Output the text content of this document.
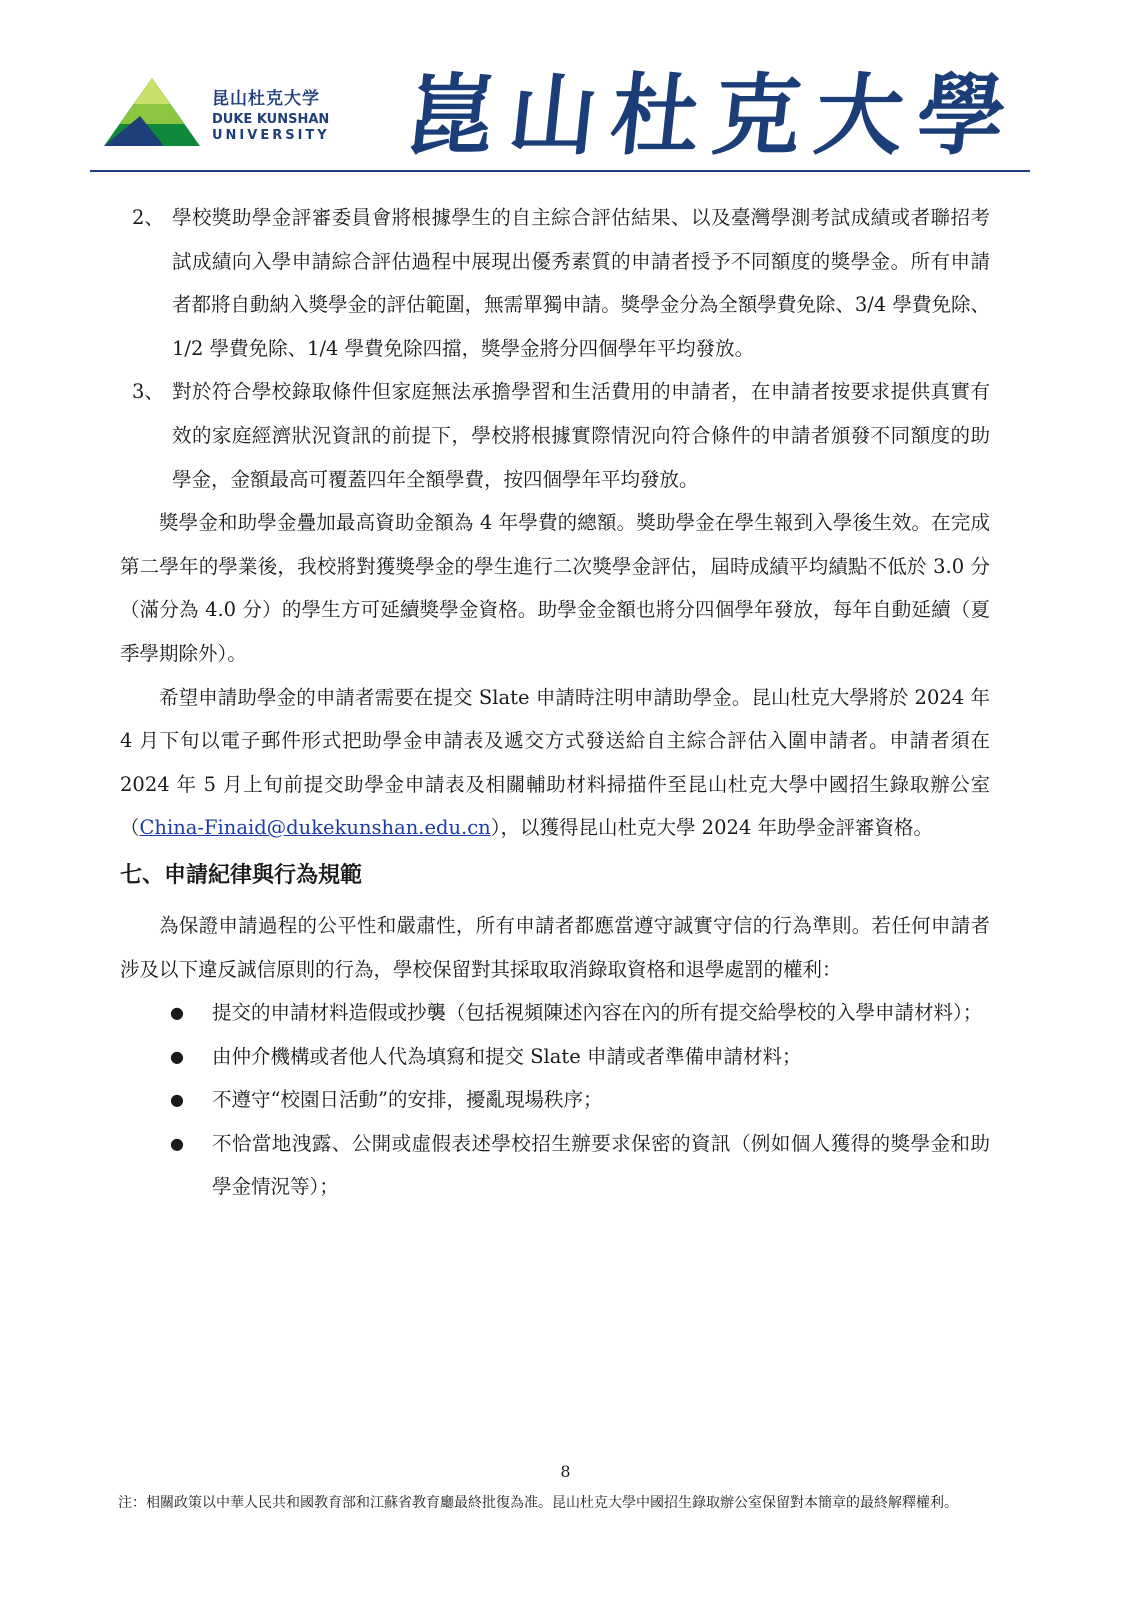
昆山杜克大学
DUKE KUNSHAN
UNIVERSITY 崑山杜克大學

2、 學校獎助學金評審委員會將根據學生的自主綜合評估結果、以及臺灣學測考試成績或者聯招考試成績向入學申請綜合評估過程中展現出優秀素質的申請者授予不同額度的獎學金。所有申請者都將自動納入獎學金的評估範圍，無需單獨申請。獎學金分為全額學費免除、3/4 學費免除、1/2 學費免除、1/4 學費免除四擋，獎學金將分四個學年平均發放。

3、 對於符合學校錄取條件但家庭無法承擔學習和生活費用的申請者，在申請者按要求提供真實有效的家庭經濟狀況資訊的前提下，學校將根據實際情況向符合條件的申請者頒發不同額度的助學金，金額最高可覆蓋四年全額學費，按四個學年平均發放。

獎學金和助學金疊加最高資助金額為 4 年學費的總額。獎助學金在學生報到入學後生效。在完成第二學年的學業後，我校將對獲獎學金的學生進行二次獎學金評估，屆時成績平均績點不低於 3.0 分（滿分為 4.0 分）的學生方可延續獎學金資格。助學金金額也將分四個學年發放，每年自動延續（夏季學期除外）。

希望申請助學金的申請者需要在提交 Slate 申請時注明申請助學金。昆山杜克大學將於 2024 年 4 月下旬以電子郵件形式把助學金申請表及遞交方式發送給自主綜合評估入圍申請者。申請者須在 2024 年 5 月上旬前提交助學金申請表及相關輔助材料掃描件至昆山杜克大學中國招生錄取辦公室（China-Finaid@dukekunshan.edu.cn），以獲得昆山杜克大學 2024 年助學金評審資格。

七、申請紀律與行為規範

為保證申請過程的公平性和嚴肅性，所有申請者都應當遵守誠實守信的行為準則。若任何申請者涉及以下違反誠信原則的行為，學校保留對其採取取消錄取資格和退學處罰的權利：

● 提交的申請材料造假或抄襲（包括視頻陳述內容在內的所有提交給學校的入學申請材料）；
● 由仲介機構或者他人代為填寫和提交 Slate 申請或者準備申請材料；
● 不遵守“校園日活動”的安排，擾亂現場秩序；
● 不恰當地洩露、公開或虛假表述學校招生辦要求保密的資訊（例如個人獲得的獎學金和助學金情況等）；
8
注：相關政策以中華人民共和國教育部和江蘇省教育廳最終批復為准。昆山杜克大學中國招生錄取辦公室保留對本簡章的最終解釋權利。
